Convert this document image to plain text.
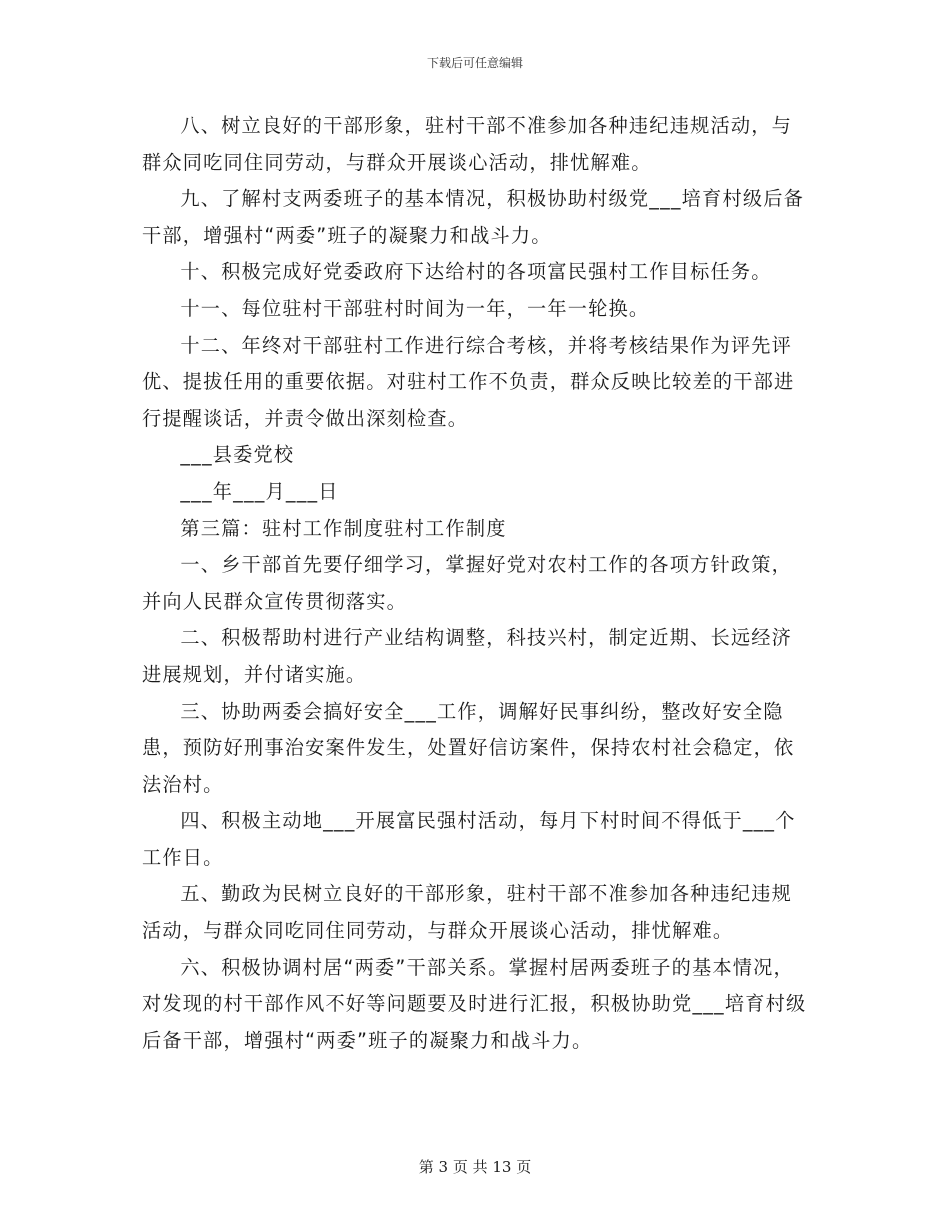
下载后可任意编辑

八、树立良好的干部形象，驻村干部不准参加各种违纪违规活动，与群众同吃同住同劳动，与群众开展谈心活动，排忧解难。

九、了解村支两委班子的基本情况，积极协助村级党___培育村级后备干部，增强村“两委”班子的凝聚力和战斗力。

十、积极完成好党委政府下达给村的各项富民强村工作目标任务。

十一、每位驻村干部驻村时间为一年，一年一轮换。

十二、年终对干部驻村工作进行综合考核，并将考核结果作为评先评优、提拔任用的重要依据。对驻村工作不负责，群众反映比较差的干部进行提醒谈话，并责令做出深刻检查。

___县委党校

___年___月___日

第三篇：驻村工作制度驻村工作制度

一、乡干部首先要仔细学习，掌握好党对农村工作的各项方针政策，并向人民群众宣传贯彻落实。

二、积极帮助村进行产业结构调整，科技兴村，制定近期、长远经济进展规划，并付诸实施。

三、协助两委会搞好安全___工作，调解好民事纠纷，整改好安全隐患，预防好刑事治安案件发生，处置好信访案件，保持农村社会稳定，依法治村。

四、积极主动地___开展富民强村活动，每月下村时间不得低于___个工作日。

五、勤政为民树立良好的干部形象，驻村干部不准参加各种违纪违规活动，与群众同吃同住同劳动，与群众开展谈心活动，排忧解难。

六、积极协调村居“两委”干部关系。掌握村居两委班子的基本情况，对发现的村干部作风不好等问题要及时进行汇报，积极协助党___培育村级后备干部，增强村“两委”班子的凝聚力和战斗力。

第 3 页 共 13 页
